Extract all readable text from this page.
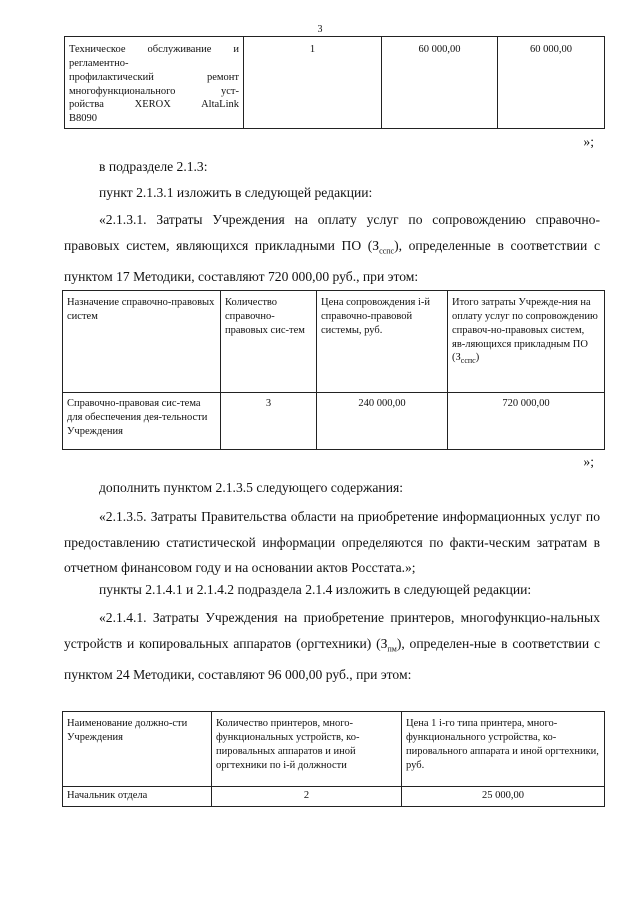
3
Техническое обслуживание и
регламентно-
профилактический ремонт
многофункционального уст-
ройства XEROX AltaLink
B8090
	1	60 000,00	60 000,00
»;
в подразделе 2.1.3:
пункт 2.1.3.1 изложить в следующей редакции:
«2.1.3.1. Затраты Учреждения на оплату услуг по сопровождению справочно-правовых систем, являющихся прикладными ПО $(З_{сспс})$, определенные в соответствии с пунктом 17 Методики, составляют 720 000,00 руб., при этом:
Назначение справочно-правовых систем	Количество справочно-правовых сис-тем	Цена сопровождения i-й справочно-правовой системы, руб.	Итого затраты Учрежде-ния на оплату услуг по сопровождению справоч-но-правовых систем, яв-ляющихся прикладным ПО $(З_{сспс})$
Справочно-правовая сис-тема для обеспечения дея-тельности Учреждения	3	240 000,00	720 000,00
»;
дополнить пунктом 2.1.3.5 следующего содержания:
«2.1.3.5. Затраты Правительства области на приобретение информационных услуг по предоставлению статистической информации определяются по факти-ческим затратам в отчетном финансовом году и на основании актов Росстата.»;
пункты 2.1.4.1 и 2.1.4.2 подраздела 2.1.4 изложить в следующей редакции:
«2.1.4.1. Затраты Учреждения на приобретение принтеров, многофункцио-нальных устройств и копировальных аппаратов (оргтехники) $(З_{пм})$, определен-ные в соответствии с пунктом 24 Методики, составляют 96 000,00 руб., при этом:
Наименование должно-сти Учреждения	Количество принтеров, много-функциональных устройств, ко-пировальных аппаратов и иной оргтехники по i-й должности	Цена 1 i-го типа принтера, много-функционального устройства, ко-пировального аппарата и иной оргтехники, руб.
Начальник отдела	2	25 000,00
